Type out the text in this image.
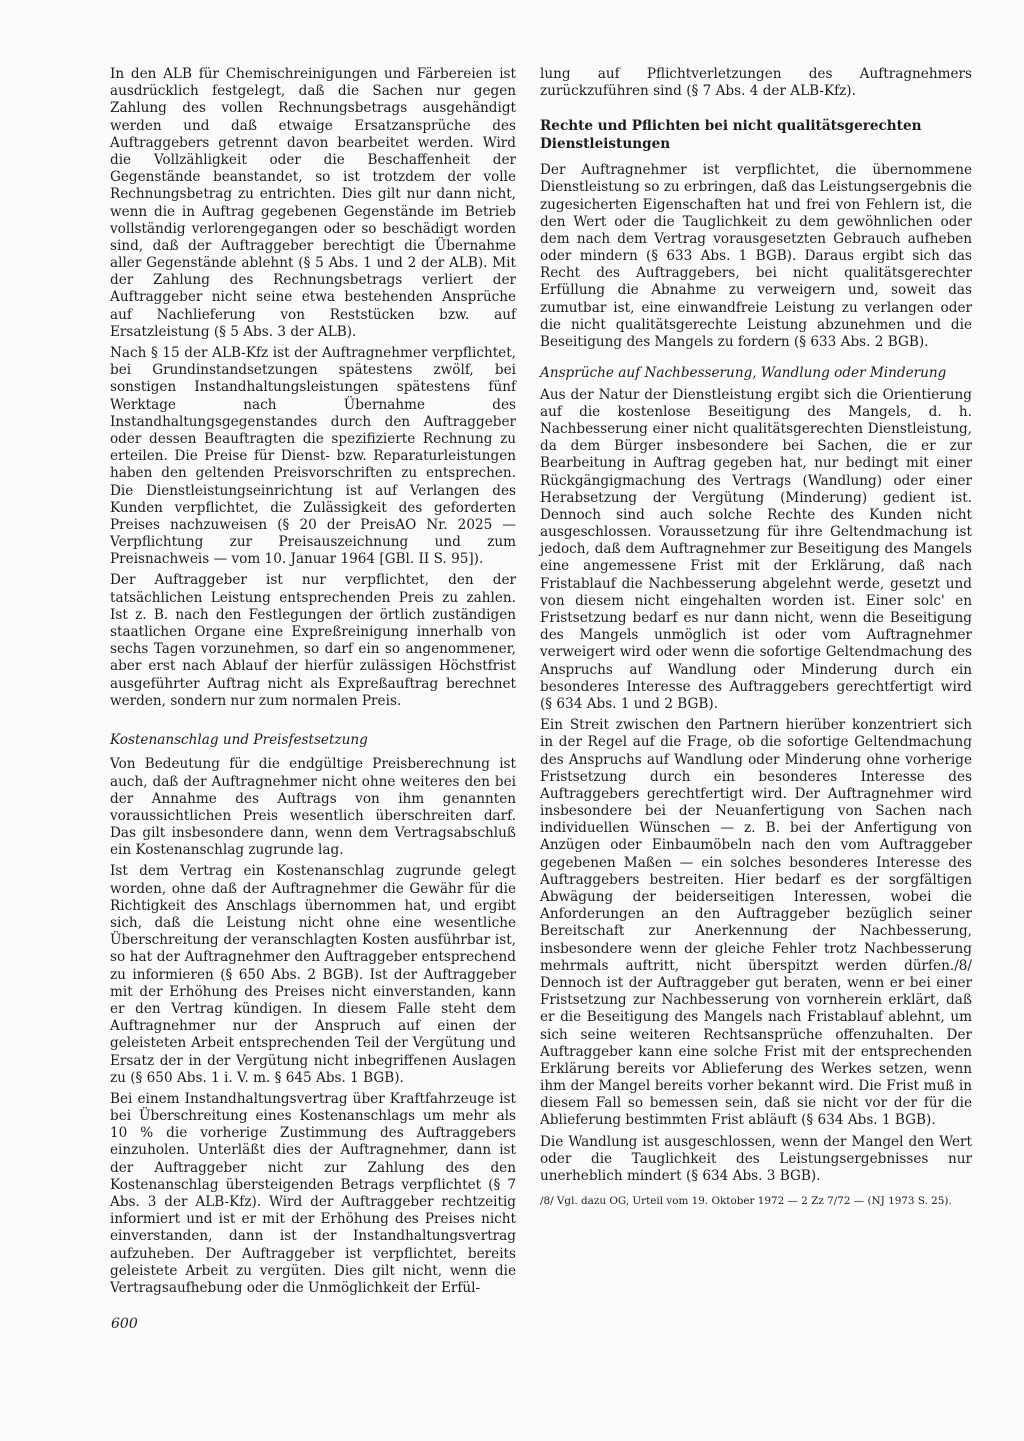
In den ALB für Chemischreinigungen und Färbereien ist ausdrücklich festgelegt, daß die Sachen nur gegen Zahlung des vollen Rechnungsbetrags ausgehändigt werden und daß etwaige Ersatzansprüche des Auftraggebers getrennt davon bearbeitet werden. Wird die Vollzähligkeit oder die Beschaffenheit der Gegenstände beanstandet, so ist trotzdem der volle Rechnungsbetrag zu entrichten. Dies gilt nur dann nicht, wenn die in Auftrag gegebenen Gegenstände im Betrieb vollständig verlorengegangen oder so beschädigt worden sind, daß der Auftraggeber berechtigt die Übernahme aller Gegenstände ablehnt (§ 5 Abs. 1 und 2 der ALB). Mit der Zahlung des Rechnungsbetrags verliert der Auftraggeber nicht seine etwa bestehenden Ansprüche auf Nachlieferung von Reststücken bzw. auf Ersatzleistung (§ 5 Abs. 3 der ALB).

Nach § 15 der ALB-Kfz ist der Auftragnehmer verpflichtet, bei Grundinstandsetzungen spätestens zwölf, bei sonstigen Instandhaltungsleistungen spätestens fünf Werktage nach Übernahme des Instandhaltungsgegenstandes durch den Auftraggeber oder dessen Beauftragten die spezifizierte Rechnung zu erteilen. Die Preise für Dienst- bzw. Reparaturleistungen haben den geltenden Preisvorschriften zu entsprechen. Die Dienstleistungseinrichtung ist auf Verlangen des Kunden verpflichtet, die Zulässigkeit des geforderten Preises nachzuweisen (§ 20 der PreisAO Nr. 2025 — Verpflichtung zur Preisauszeichnung und zum Preisnachweis — vom 10. Januar 1964 [GBl. II S. 95]).

Der Auftraggeber ist nur verpflichtet, den der tatsächlichen Leistung entsprechenden Preis zu zahlen. Ist z. B. nach den Festlegungen der örtlich zuständigen staatlichen Organe eine Expreßreinigung innerhalb von sechs Tagen vorzunehmen, so darf ein so angenommener, aber erst nach Ablauf der hierfür zulässigen Höchstfrist ausgeführter Auftrag nicht als Expreßauftrag berechnet werden, sondern nur zum normalen Preis.

Kostenanschlag und Preisfestsetzung

Von Bedeutung für die endgültige Preisberechnung ist auch, daß der Auftragnehmer nicht ohne weiteres den bei der Annahme des Auftrags von ihm genannten voraussichtlichen Preis wesentlich überschreiten darf. Das gilt insbesondere dann, wenn dem Vertragsabschluß ein Kostenanschlag zugrunde lag.

Ist dem Vertrag ein Kostenanschlag zugrunde gelegt worden, ohne daß der Auftragnehmer die Gewähr für die Richtigkeit des Anschlags übernommen hat, und ergibt sich, daß die Leistung nicht ohne eine wesentliche Überschreitung der veranschlagten Kosten ausführbar ist, so hat der Auftragnehmer den Auftraggeber entsprechend zu informieren (§ 650 Abs. 2 BGB). Ist der Auftraggeber mit der Erhöhung des Preises nicht einverstanden, kann er den Vertrag kündigen. In diesem Falle steht dem Auftragnehmer nur der Anspruch auf einen der geleisteten Arbeit entsprechenden Teil der Vergütung und Ersatz der in der Vergütung nicht inbegriffenen Auslagen zu (§ 650 Abs. 1 i. V. m. § 645 Abs. 1 BGB).

Bei einem Instandhaltungsvertrag über Kraftfahrzeuge ist bei Überschreitung eines Kostenanschlags um mehr als 10 % die vorherige Zustimmung des Auftraggebers einzuholen. Unterläßt dies der Auftragnehmer, dann ist der Auftraggeber nicht zur Zahlung des den Kostenanschlag übersteigenden Betrags verpflichtet (§ 7 Abs. 3 der ALB-Kfz). Wird der Auftraggeber rechtzeitig informiert und ist er mit der Erhöhung des Preises nicht einverstanden, dann ist der Instandhaltungsvertrag aufzuheben. Der Auftraggeber ist verpflichtet, bereits geleistete Arbeit zu vergüten. Dies gilt nicht, wenn die Vertragsaufhebung oder die Unmöglichkeit der Erfül-

lung auf Pflichtverletzungen des Auftragnehmers zurückzuführen sind (§ 7 Abs. 4 der ALB-Kfz).

Rechte und Pflichten bei nicht qualitätsgerechten Dienstleistungen

Der Auftragnehmer ist verpflichtet, die übernommene Dienstleistung so zu erbringen, daß das Leistungsergebnis die zugesicherten Eigenschaften hat und frei von Fehlern ist, die den Wert oder die Tauglichkeit zu dem gewöhnlichen oder dem nach dem Vertrag vorausgesetzten Gebrauch aufheben oder mindern (§ 633 Abs. 1 BGB). Daraus ergibt sich das Recht des Auftraggebers, bei nicht qualitätsgerechter Erfüllung die Abnahme zu verweigern und, soweit das zumutbar ist, eine einwandfreie Leistung zu verlangen oder die nicht qualitätsgerechte Leistung abzunehmen und die Beseitigung des Mangels zu fordern (§ 633 Abs. 2 BGB).

Ansprüche auf Nachbesserung, Wandlung oder Minderung

Aus der Natur der Dienstleistung ergibt sich die Orientierung auf die kostenlose Beseitigung des Mangels, d. h. Nachbesserung einer nicht qualitätsgerechten Dienstleistung, da dem Bürger insbesondere bei Sachen, die er zur Bearbeitung in Auftrag gegeben hat, nur bedingt mit einer Rückgängigmachung des Vertrags (Wandlung) oder einer Herabsetzung der Vergütung (Minderung) gedient ist. Dennoch sind auch solche Rechte des Kunden nicht ausgeschlossen. Voraussetzung für ihre Geltendmachung ist jedoch, daß dem Auftragnehmer zur Beseitigung des Mangels eine angemessene Frist mit der Erklärung, daß nach Fristablauf die Nachbesserung abgelehnt werde, gesetzt und von diesem nicht eingehalten worden ist. Einer solc' en Fristsetzung bedarf es nur dann nicht, wenn die Beseitigung des Mangels unmöglich ist oder vom Auftragnehmer verweigert wird oder wenn die sofortige Geltendmachung des Anspruchs auf Wandlung oder Minderung durch ein besonderes Interesse des Auftraggebers gerechtfertigt wird (§ 634 Abs. 1 und 2 BGB).

Ein Streit zwischen den Partnern hierüber konzentriert sich in der Regel auf die Frage, ob die sofortige Geltendmachung des Anspruchs auf Wandlung oder Minderung ohne vorherige Fristsetzung durch ein besonderes Interesse des Auftraggebers gerechtfertigt wird. Der Auftragnehmer wird insbesondere bei der Neuanfertigung von Sachen nach individuellen Wünschen — z. B. bei der Anfertigung von Anzügen oder Einbaumöbeln nach den vom Auftraggeber gegebenen Maßen — ein solches besonderes Interesse des Auftraggebers bestreiten. Hier bedarf es der sorgfältigen Abwägung der beiderseitigen Interessen, wobei die Anforderungen an den Auftraggeber bezüglich seiner Bereitschaft zur Anerkennung der Nachbesserung, insbesondere wenn der gleiche Fehler trotz Nachbesserung mehrmals auftritt, nicht überspitzt werden dürfen./8/ Dennoch ist der Auftraggeber gut beraten, wenn er bei einer Fristsetzung zur Nachbesserung von vornherein erklärt, daß er die Beseitigung des Mangels nach Fristablauf ablehnt, um sich seine weiteren Rechtsansprüche offenzuhalten. Der Auftraggeber kann eine solche Frist mit der entsprechenden Erklärung bereits vor Ablieferung des Werkes setzen, wenn ihm der Mangel bereits vorher bekannt wird. Die Frist muß in diesem Fall so bemessen sein, daß sie nicht vor der für die Ablieferung bestimmten Frist abläuft (§ 634 Abs. 1 BGB).

Die Wandlung ist ausgeschlossen, wenn der Mangel den Wert oder die Tauglichkeit des Leistungsergebnisses nur unerheblich mindert (§ 634 Abs. 3 BGB).

/8/ Vgl. dazu OG, Urteil vom 19. Oktober 1972 — 2 Zz 7/72 — (NJ 1973 S. 25).
600
